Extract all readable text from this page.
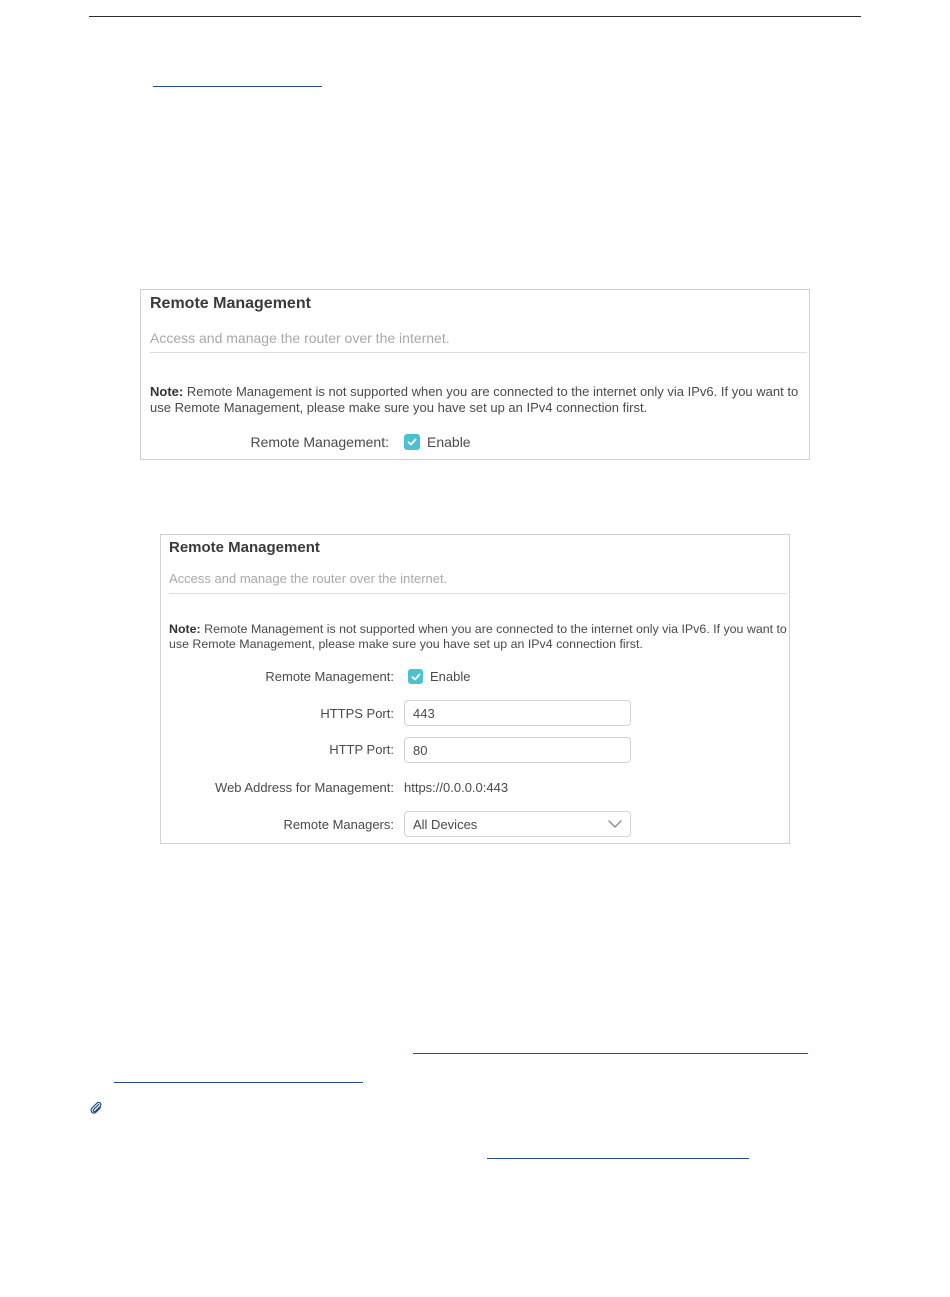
Remote Management
Access and manage the router over the internet.
Note: Remote Management is not supported when you are connected to the internet only via IPv6. If you want to use Remote Management, please make sure you have set up an IPv4 connection first.
Remote Management:	Enable
Remote Management
Access and manage the router over the internet.
Note: Remote Management is not supported when you are connected to the internet only via IPv6. If you want to use Remote Management, please make sure you have set up an IPv4 connection first.
Remote Management:	Enable
HTTPS Port: 443
HTTP Port: 80
Web Address for Management: https://0.0.0.0:443
Remote Managers: All Devices
